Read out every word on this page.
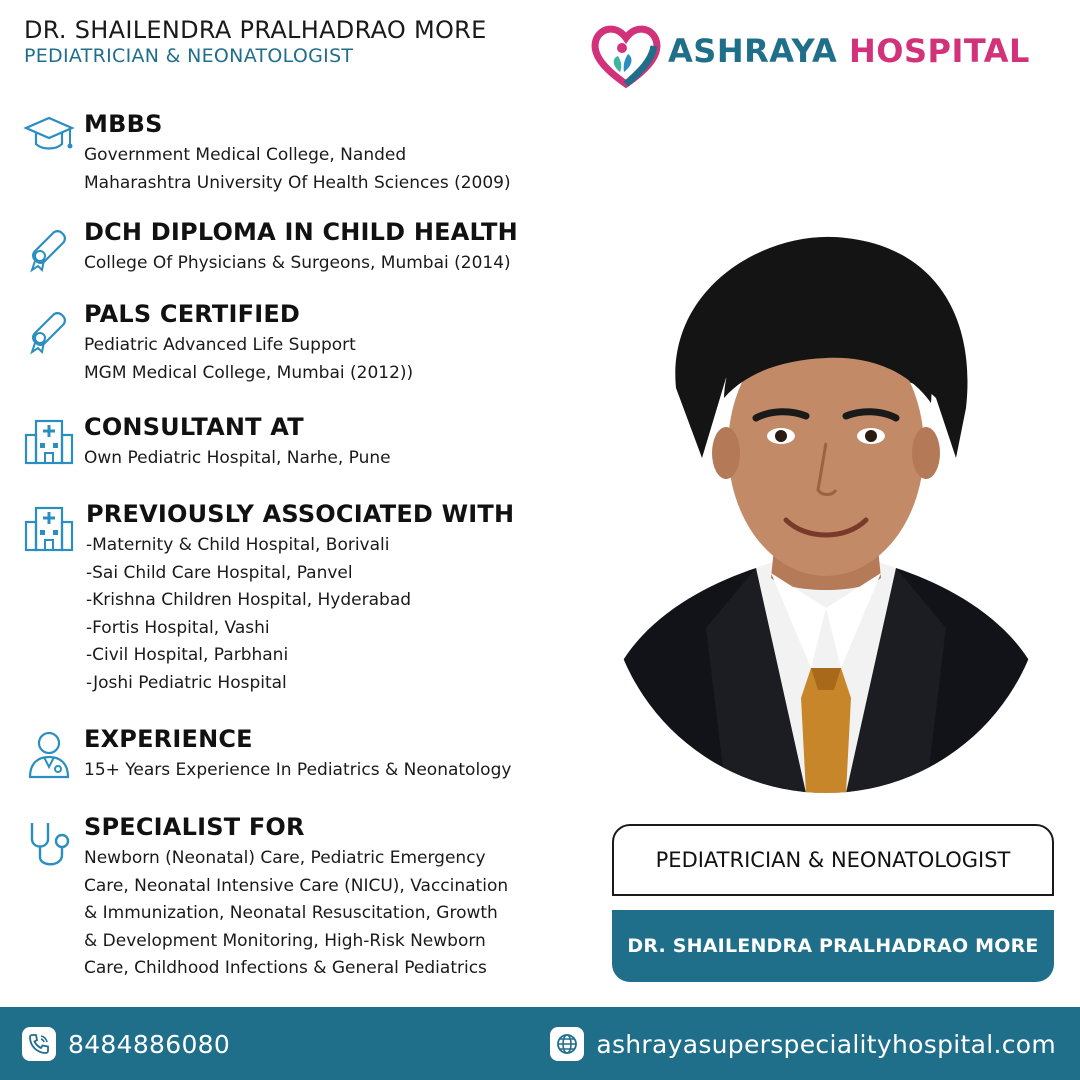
DR. SHAILENDRA PRALHADRAO MORE
PEDIATRICIAN & NEONATOLOGIST	ASHRAYA HOSPITAL
MBBS
Government Medical College, Nanded
Maharashtra University Of Health Sciences (2009)
DCH DIPLOMA IN CHILD HEALTH
College Of Physicians & Surgeons, Mumbai (2014)
PALS CERTIFIED
Pediatric Advanced Life Support
MGM Medical College, Mumbai (2012))
CONSULTANT AT
Own Pediatric Hospital, Narhe, Pune
PREVIOUSLY ASSOCIATED WITH
-Maternity & Child Hospital, Borivali
-Sai Child Care Hospital, Panvel
-Krishna Children Hospital, Hyderabad
-Fortis Hospital, Vashi
-Civil Hospital, Parbhani
-Joshi Pediatric Hospital
EXPERIENCE
15+ Years Experience In Pediatrics & Neonatology
SPECIALIST FOR
Newborn (Neonatal) Care, Pediatric Emergency
Care, Neonatal Intensive Care (NICU), Vaccination
& Immunization, Neonatal Resuscitation, Growth
& Development Monitoring, High-Risk Newborn
Care, Childhood Infections & General Pediatrics
PEDIATRICIAN & NEONATOLOGIST
DR. SHAILENDRA PRALHADRAO MORE
8484886080	ashrayasuperspecialityhospital.com
